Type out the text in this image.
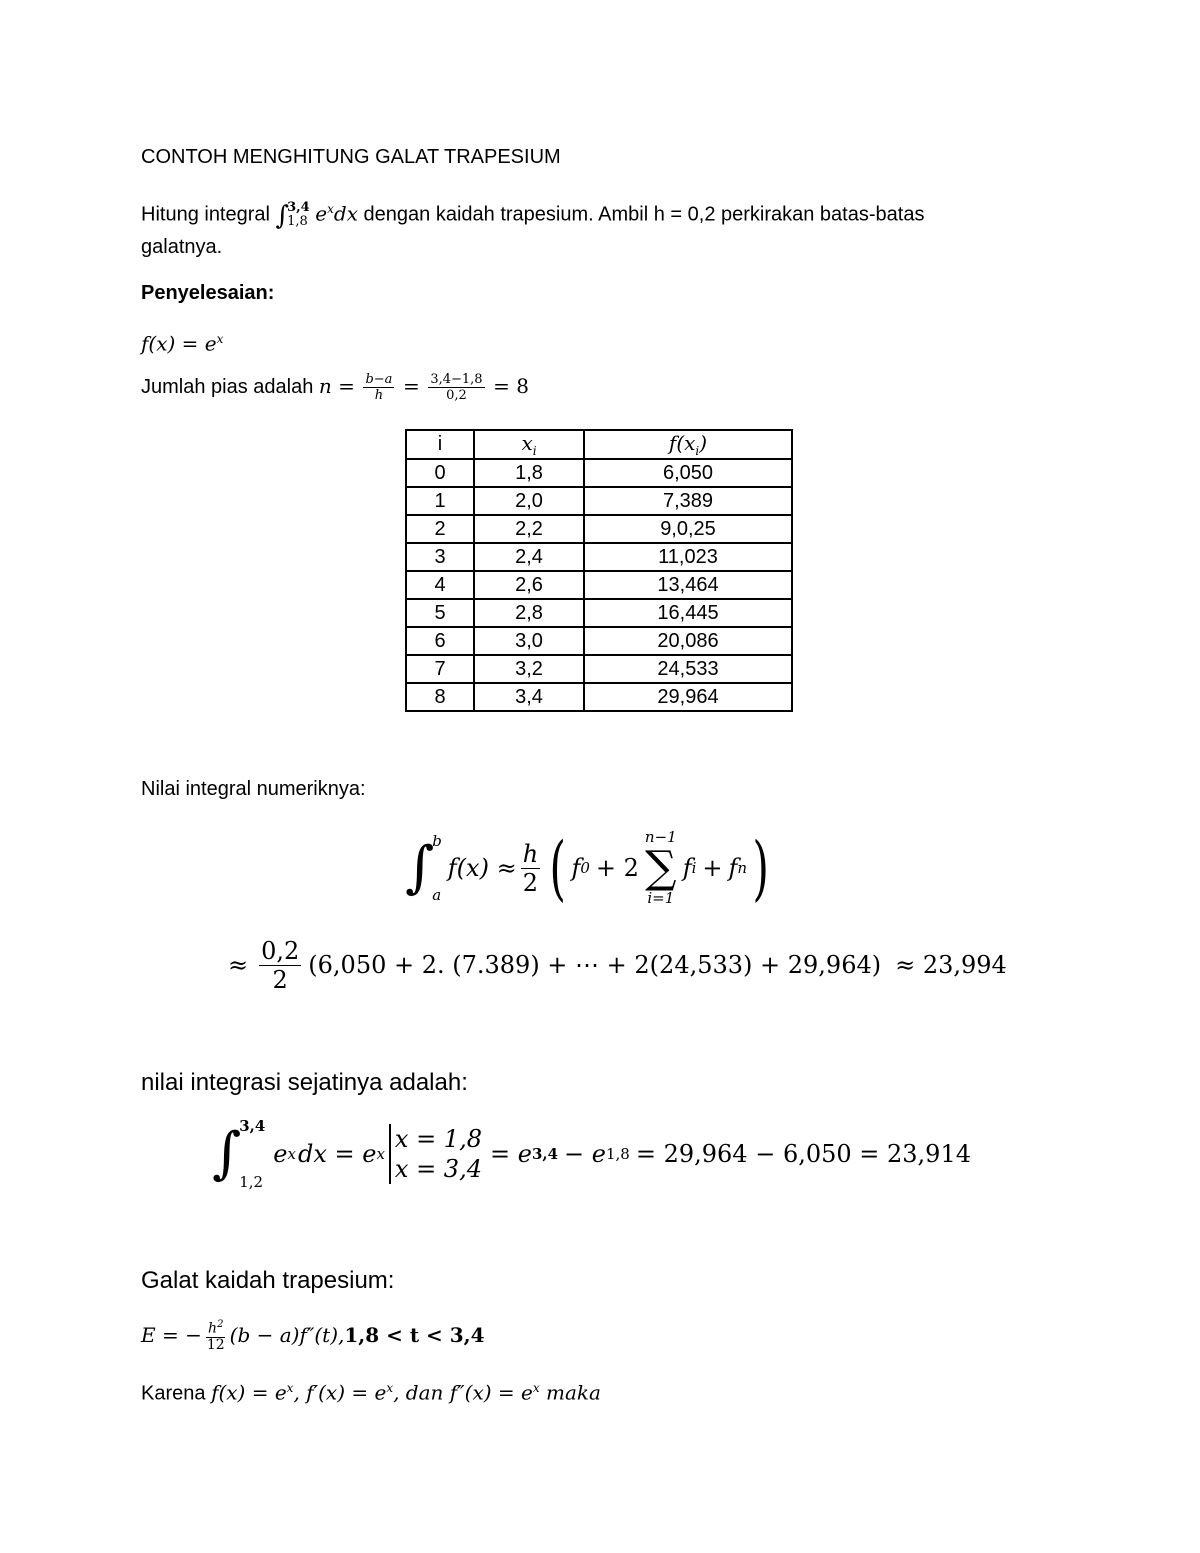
CONTOH MENGHITUNG GALAT TRAPESIUM
Hitung integral ∫
3,4
1,8 $e^xdx$ dengan kaidah trapesium. Ambil h = 0,2 perkirakan batas-batas
galatnya.
Penyelesaian:
$f(x) = e^x$
Jumlah pias adalah $n = \frac{b-a}{h} = \frac{3,4-1,8}{0,2} = 8$
i	$x_i$	$f(x_i)$
0	1,8	6,050
1	2,0	7,389
2	2,2	9,0,25
3	2,4	11,023
4	2,6	13,464
5	2,8	16,445
6	3,0	20,086
7	3,2	24,533
8	3,4	29,964
Nilai integral numeriknya:
∫
b
a
$f(x) \approx \frac{h}{2}$ ( f 0 + 2
n−1
∑
i=1
f i + f n )
≈ $\frac{0,2}{2} (6,050 + 2$. (7.389) + ⋯ + 2(24,533) + 29,964) ≈ 23,994
nilai integrasi sejatinya adalah:
∫
3,4
1,2
e x dx = e x
x = 1,8
x = 3,4
= e 3,4 − e 1,8 = 29,964 − 6,050 = 23,914
Galat kaidah trapesium:
E = − $\frac{h^2}{12} (b - a)f''(t)$, 1,8 < t < 3,4
Karena $f(x) = e^x$, $f'(x) = e^x$, dan $f''(x) = e^x$ maka
